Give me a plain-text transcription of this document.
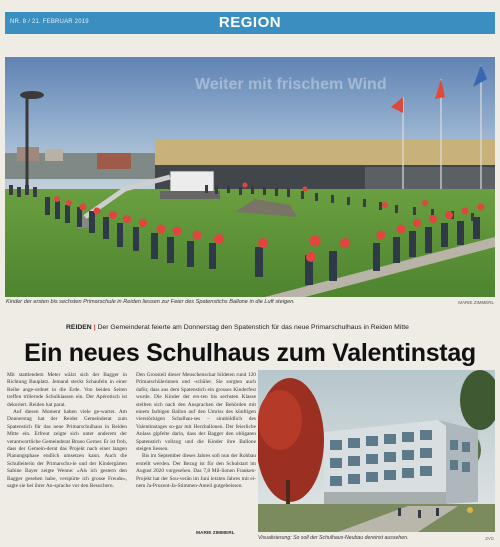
NR. 8 / 21. FEBRUAR 2019	REGION
Weiter mit frischem Wind
Kinder der ersten bis sechsten Primarschule in Reiden liessen zur Feier des Spatenstichs Ballone in die Luft steigen.	MARIE ZIMMERL
REIDEN | Der Gemeinderat feierte am Donnerstag den Spatenstich für das neue Primarschulhaus in Reiden Mitte
Ein neues Schulhaus zum Valentinstag

Mit stattlendem Meter wälzt sich der Bagger in Richtung Bauplatz. Jemand steckt Schaufeln in einer Reihe ange-ordnet in die Erde. Von beiden Seiten treffen trillernde Schulklassen ein. Der Apérotisch ist dekoriert. Reiden hat parat.

Auf diesen Moment haben viele ge-wartet. Am Donnerstag hat der Reider Gemeinderat zum Spatenstich für das neue Primarschulhaus in Reiden Mitte ein. Erfreut zeigte sich unter anderem der verantwortliche Gemeinderat Bruno Gerner. Er ist froh, dass der Gemein-derat das Projekt nach einer langen Planungsphase endlich umsetzen kann. Auch die Schulleiterin der Primarschu-le und der Kindergärten Sabine Bayer zeigte Wenne: «Als ich gestern den Bagger gesehen habe, verspürte ich grosse Freude», sagte sie bei ihrer An-sprache vor den Besuchern.

Den Grossteil dieser Menschenschar bildeten rund 120 Primarschülerinnen und -schüler. Sie sorgten auch dafür, dass aus dem Spatenstich ein grosses Kinderfest wurde. Die Kinder der ers-ten bis sechsten Klasse stellten sich nach den Ansprachen der Behörden mit einem farbigen Ballon auf den Umriss des künftigen vierstöckigen Schulhau-ses – sinnbildlich des Valentinstages so-gar mit Herzballonen. Der feierliche Anlass gipfelte darin, dass der Bagger den obligaten Spatenstich vollzog und die Kinder ihre Ballone steigen liessen.

Bis im September dieses Jahres soll nun der Rohbau erstellt werden. Der Bezug ist für den Schulstart im August 2020 vorgesehen. Das 7,8 Mil-lionen Franken-Projekt hat der Sou-verän im Juni letzten Jahres mit ei-nem Ja-Prozent-Ja-Stimmen-Anteil gutgeheissen.

MARIE ZIMMERL
Visualisierung: So soll der Schulhaus-Neubau dereinst aussehen.	ZVG
